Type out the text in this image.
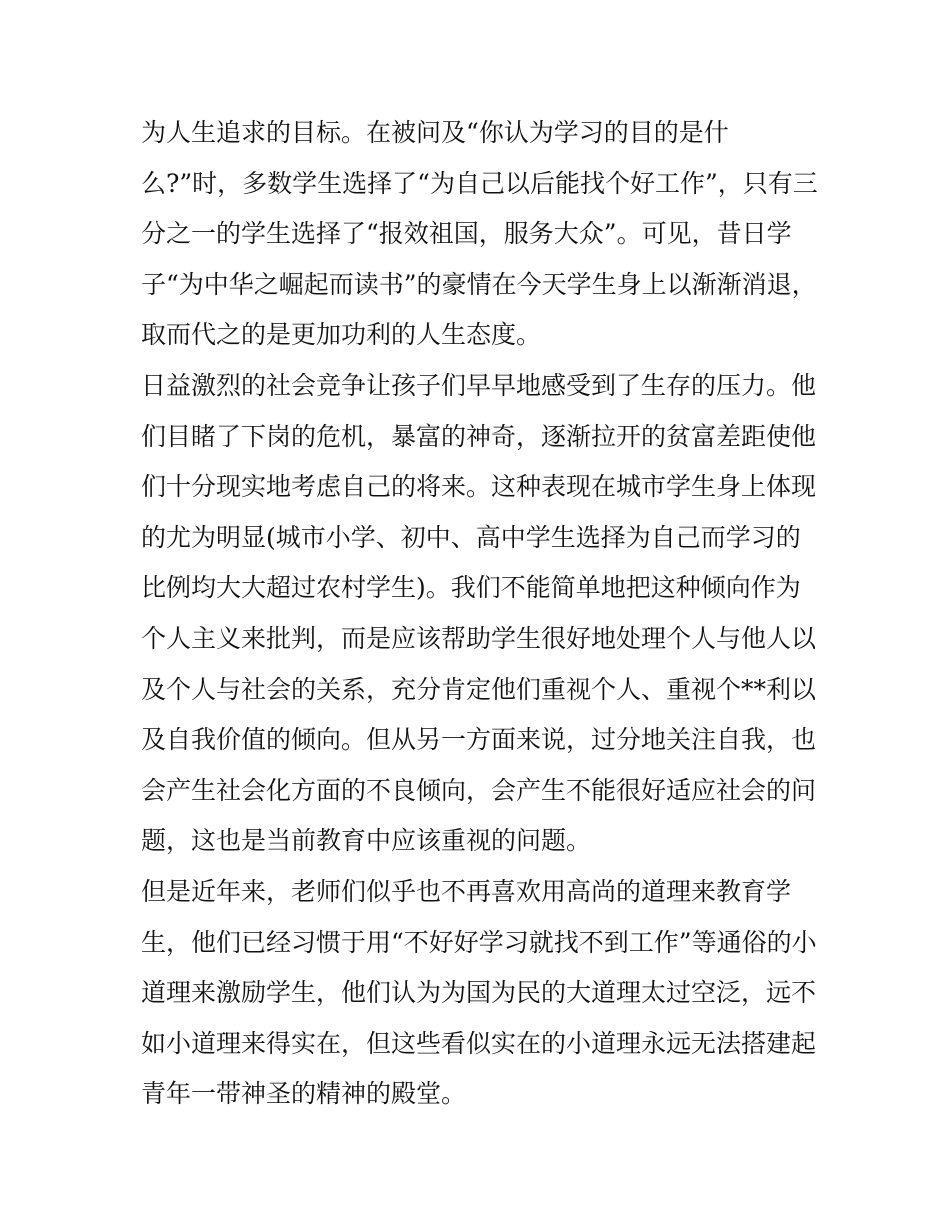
为人生追求的目标。在被问及“你认为学习的目的是什
么?”时，多数学生选择了“为自己以后能找个好工作”，只有三
分之一的学生选择了“报效祖国，服务大众”。可见，昔日学
子“为中华之崛起而读书”的豪情在今天学生身上以渐渐消退，
取而代之的是更加功利的人生态度。
日益激烈的社会竞争让孩子们早早地感受到了生存的压力。他
们目睹了下岗的危机，暴富的神奇，逐渐拉开的贫富差距使他
们十分现实地考虑自己的将来。这种表现在城市学生身上体现
的尤为明显(城市小学、初中、高中学生选择为自己而学习的
比例均大大超过农村学生)。我们不能简单地把这种倾向作为
个人主义来批判，而是应该帮助学生很好地处理个人与他人以
及个人与社会的关系，充分肯定他们重视个人、重视个**利以
及自我价值的倾向。但从另一方面来说，过分地关注自我，也
会产生社会化方面的不良倾向，会产生不能很好适应社会的问
题，这也是当前教育中应该重视的问题。
但是近年来，老师们似乎也不再喜欢用高尚的道理来教育学
生，他们已经习惯于用“不好好学习就找不到工作”等通俗的小
道理来激励学生，他们认为为国为民的大道理太过空泛，远不
如小道理来得实在，但这些看似实在的小道理永远无法搭建起
青年一带神圣的精神的殿堂。
